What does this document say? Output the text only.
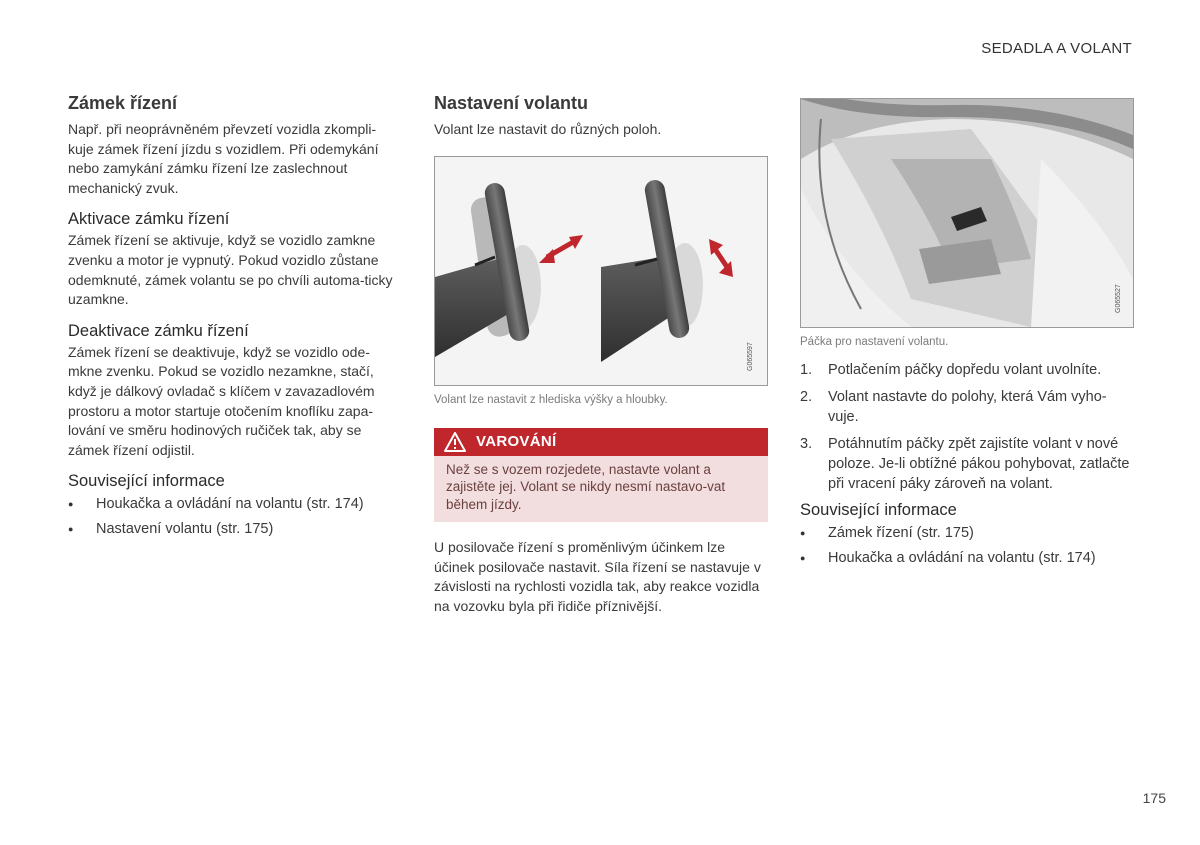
SEDADLA A VOLANT
Zámek řízení

Např. při neoprávněném převzetí vozidla zkompli-kuje zámek řízení jízdu s vozidlem. Při odemykání nebo zamykání zámku řízení lze zaslechnout mechanický zvuk.

Aktivace zámku řízení

Zámek řízení se aktivuje, když se vozidlo zamkne zvenku a motor je vypnutý. Pokud vozidlo zůstane odemknuté, zámek volantu se po chvíli automa-ticky uzamkne.

Deaktivace zámku řízení

Zámek řízení se deaktivuje, když se vozidlo ode-mkne zvenku. Pokud se vozidlo nezamkne, stačí, když je dálkový ovladač s klíčem v zavazadlovém prostoru a motor startuje otočením knoflíku zapa-lování ve směru hodinových ručiček tak, aby se zámek řízení odjistil.

Související informace
● Houkačka a ovládání na volantu (str. 174)
● Nastavení volantu (str. 175)
Nastavení volantu

Volant lze nastavit do různých poloh.

G065597
Volant lze nastavit z hlediska výšky a hloubky.
VAROVÁNÍ
Než se s vozem rozjedete, nastavte volant a zajistěte jej. Volant se nikdy nesmí nastavo-vat během jízdy.

U posilovače řízení s proměnlivým účinkem lze účinek posilovače nastavit. Síla řízení se nastavuje v závislosti na rychlosti vozidla tak, aby reakce vozidla na vozovku byla při řidiče příznivější.

G065527
Páčka pro nastavení volantu.
1. Potlačením páčky dopředu volant uvolníte.
2. Volant nastavte do polohy, která Vám vyho-vuje.
3. Potáhnutím páčky zpět zajistíte volant v nové poloze. Je-li obtížné pákou pohybovat, zatlačte při vracení páky zároveň na volant.
Související informace
● Zámek řízení (str. 175)
● Houkačka a ovládání na volantu (str. 174)
175
